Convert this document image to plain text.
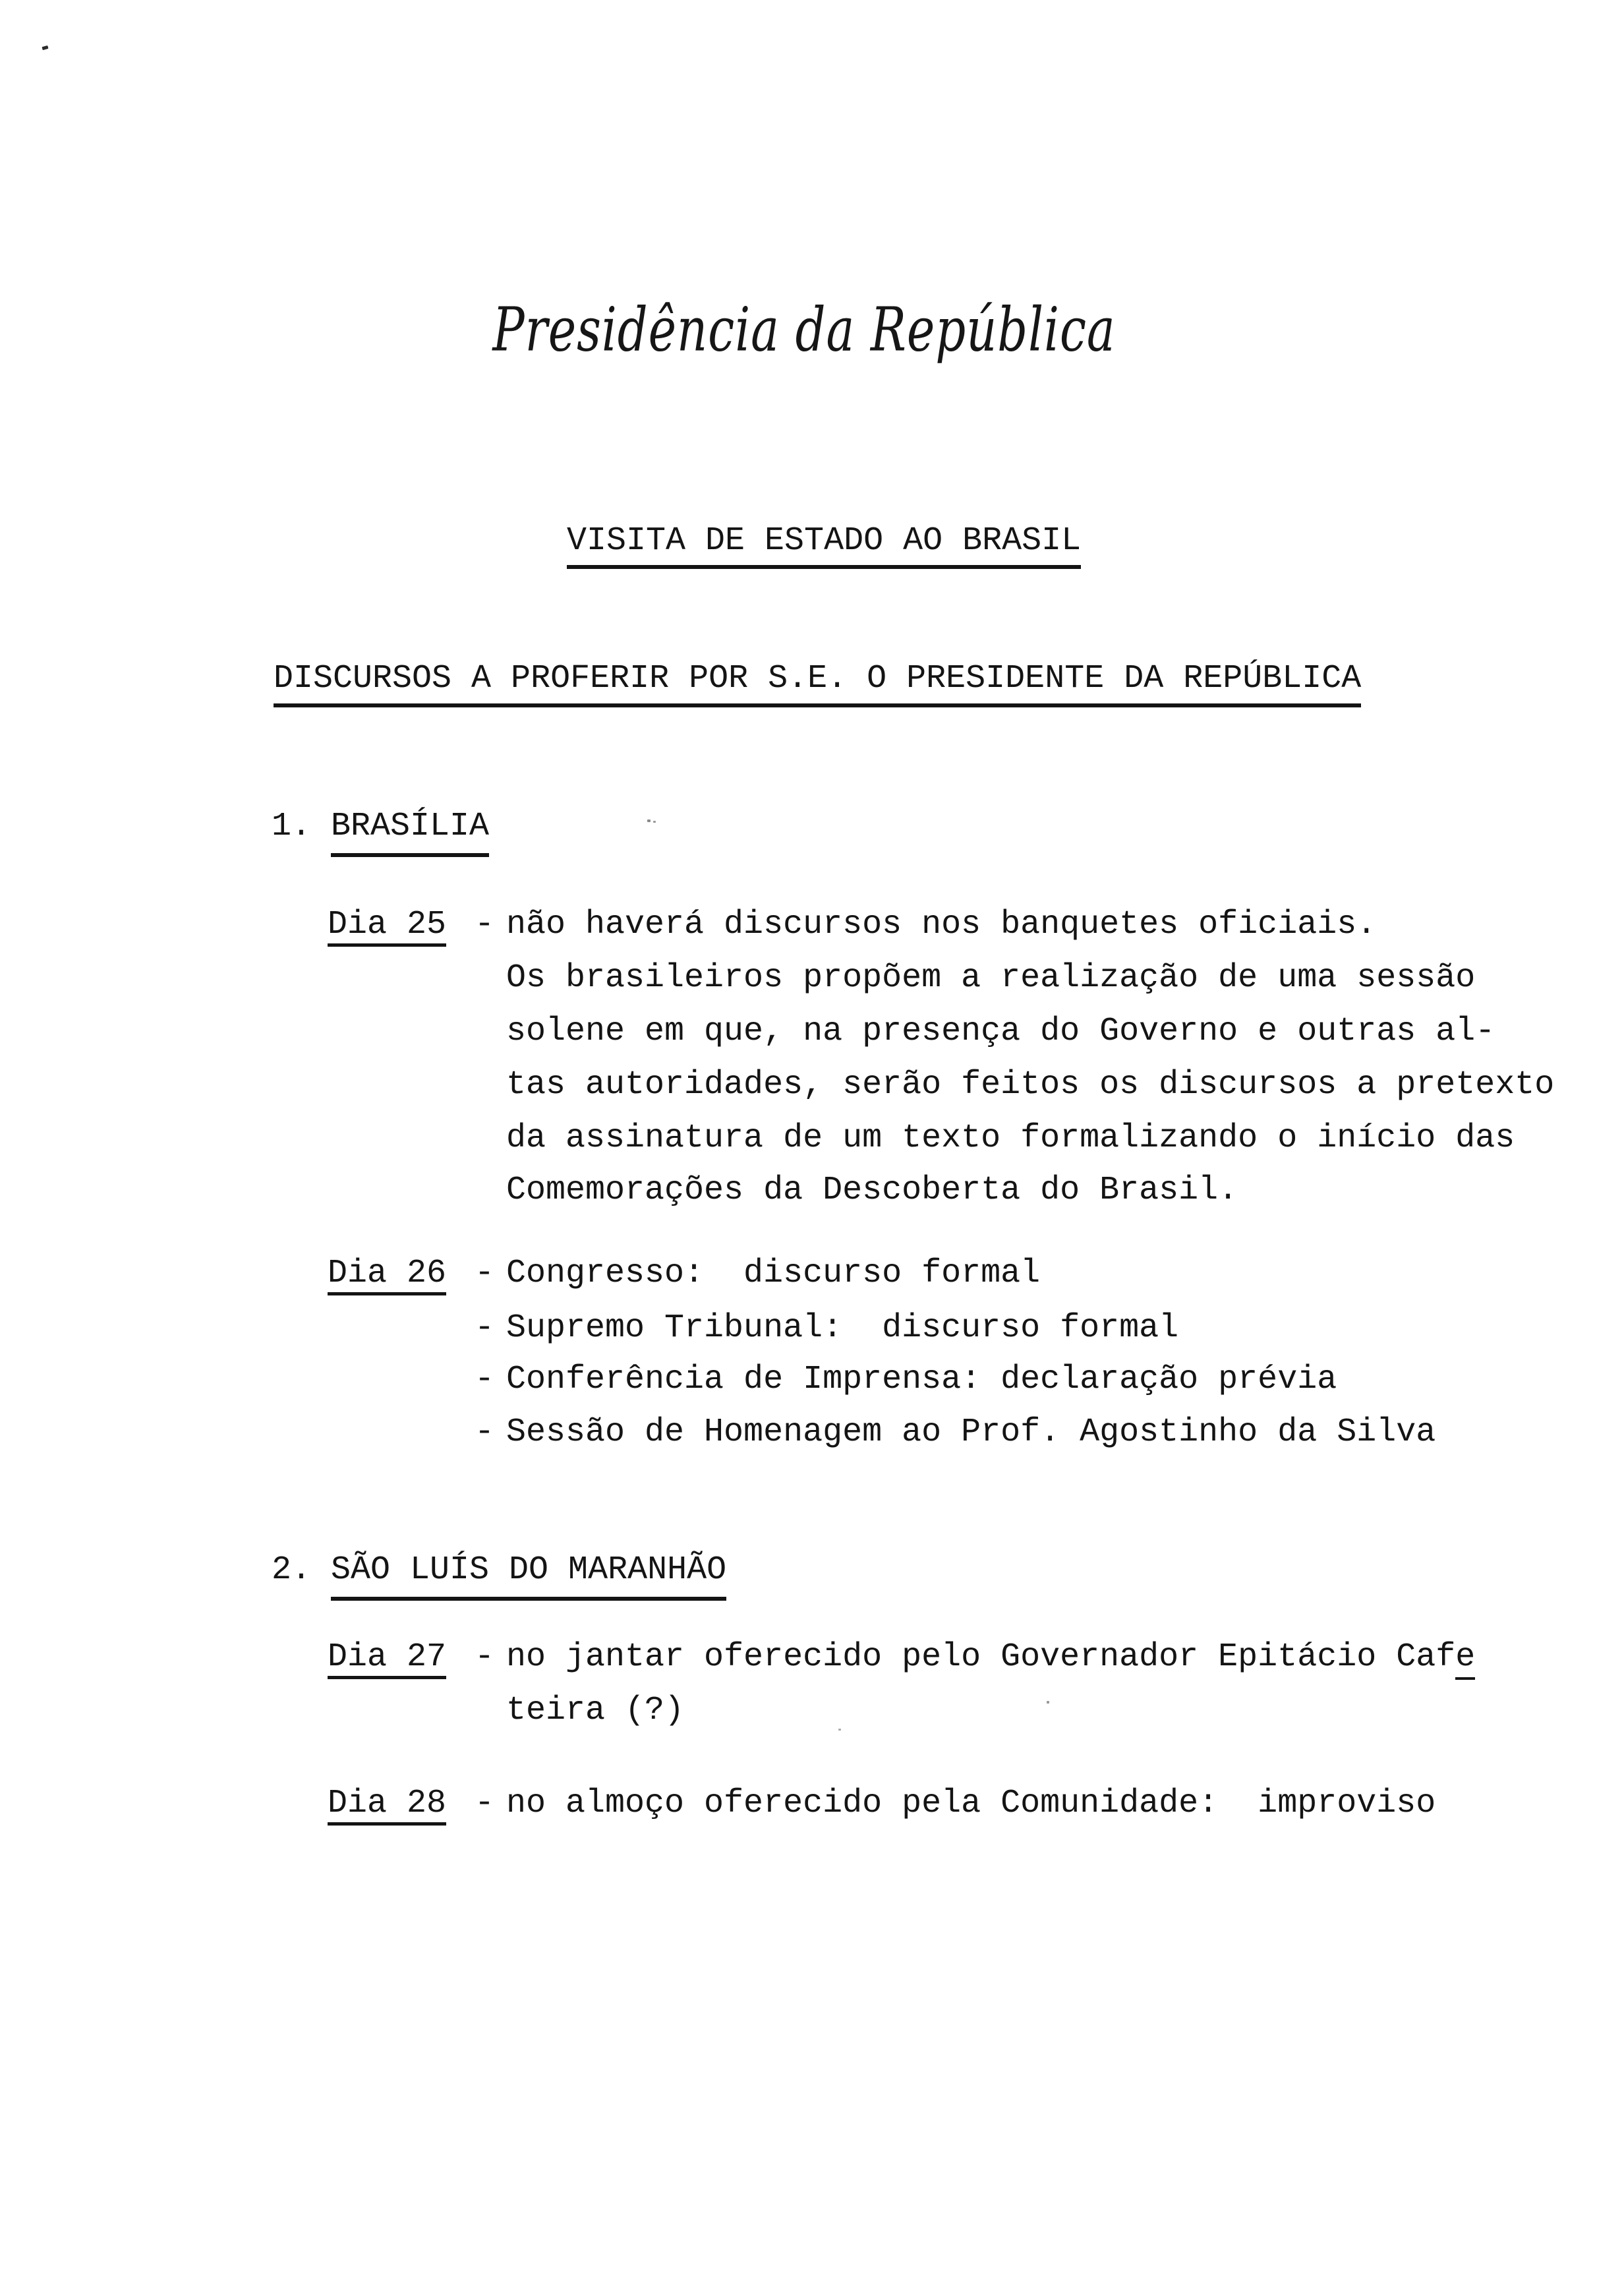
Presidência da República
VISITA DE ESTADO AO BRASIL
DISCURSOS A PROFERIR POR S.E. O PRESIDENTE DA REPÚBLICA
1. BRASÍLIA
Dia 25 - não haverá discursos nos banquetes oficiais.
Os brasileiros propõem a realização de uma sessão
solene em que, na presença do Governo e outras al-
tas autoridades, serão feitos os discursos a pretexto
da assinatura de um texto formalizando o início das
Comemorações da Descoberta do Brasil.
Dia 26 - Congresso:  discurso formal
- Supremo Tribunal:  discurso formal
- Conferência de Imprensa: declaração prévia
- Sessão de Homenagem ao Prof. Agostinho da Silva
2. SÃO LUÍS DO MARANHÃO
Dia 27 - no jantar oferecido pelo Governador Epitácio Cafe
teira (?)
Dia 28 - no almoço oferecido pela Comunidade:  improviso
